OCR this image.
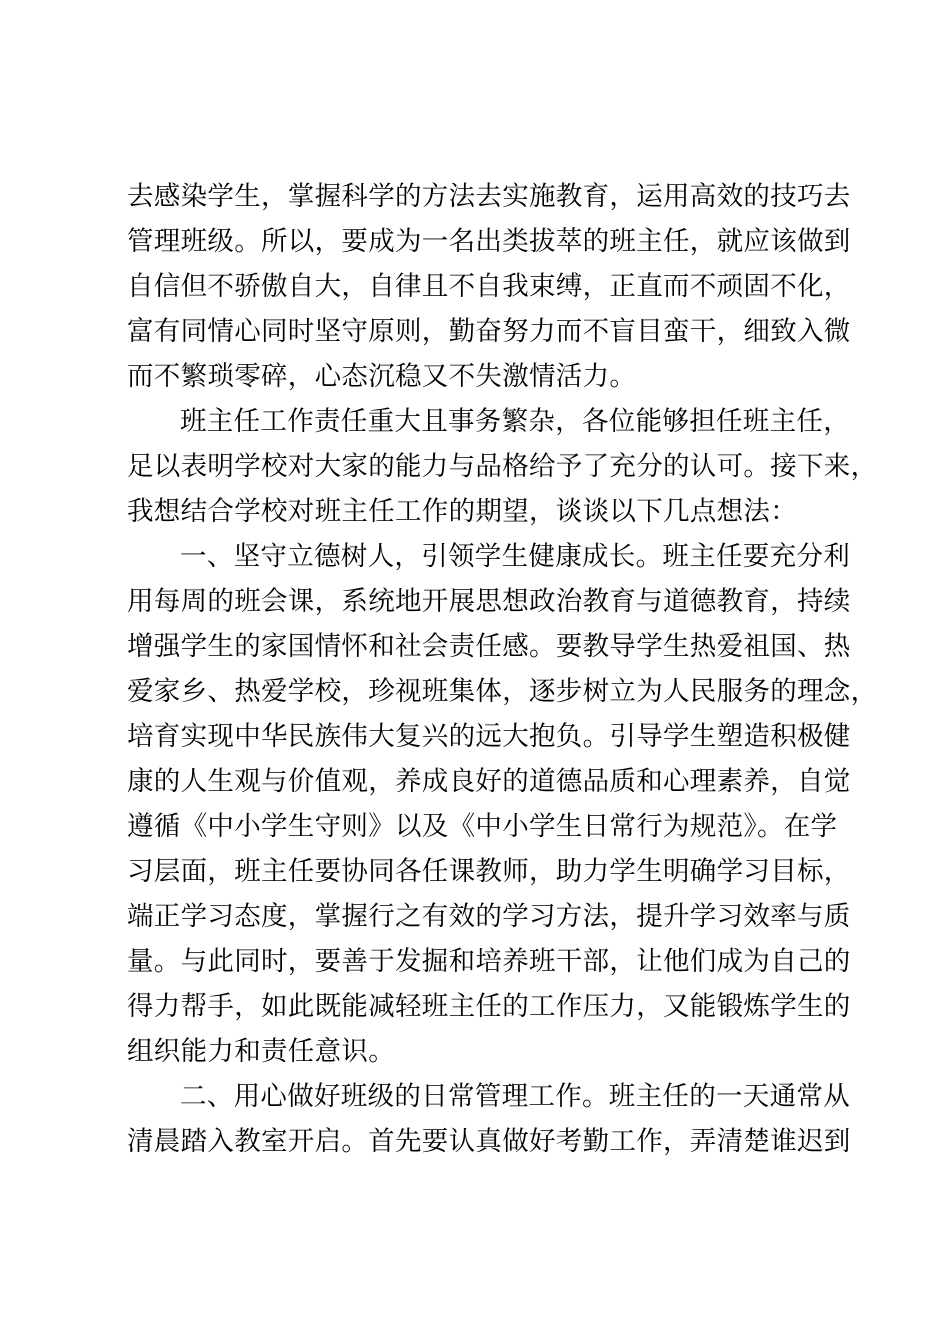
去感染学生，掌握科学的方法去实施教育，运用高效的技巧去
管理班级。所以，要成为一名出类拔萃的班主任，就应该做到
自信但不骄傲自大，自律且不自我束缚，正直而不顽固不化，
富有同情心同时坚守原则，勤奋努力而不盲目蛮干，细致入微
而不繁琐零碎，心态沉稳又不失激情活力。
班主任工作责任重大且事务繁杂，各位能够担任班主任，
足以表明学校对大家的能力与品格给予了充分的认可。接下来，
我想结合学校对班主任工作的期望，谈谈以下几点想法：
一、坚守立德树人，引领学生健康成长。班主任要充分利
用每周的班会课，系统地开展思想政治教育与道德教育，持续
增强学生的家国情怀和社会责任感。要教导学生热爱祖国、热
爱家乡、热爱学校，珍视班集体，逐步树立为人民服务的理念，
培育实现中华民族伟大复兴的远大抱负。引导学生塑造积极健
康的人生观与价值观，养成良好的道德品质和心理素养，自觉
遵循《中小学生守则》以及《中小学生日常行为规范》。在学
习层面，班主任要协同各任课教师，助力学生明确学习目标，
端正学习态度，掌握行之有效的学习方法，提升学习效率与质
量。与此同时，要善于发掘和培养班干部，让他们成为自己的
得力帮手，如此既能减轻班主任的工作压力，又能锻炼学生的
组织能力和责任意识。
二、用心做好班级的日常管理工作。班主任的一天通常从
清晨踏入教室开启。首先要认真做好考勤工作，弄清楚谁迟到
